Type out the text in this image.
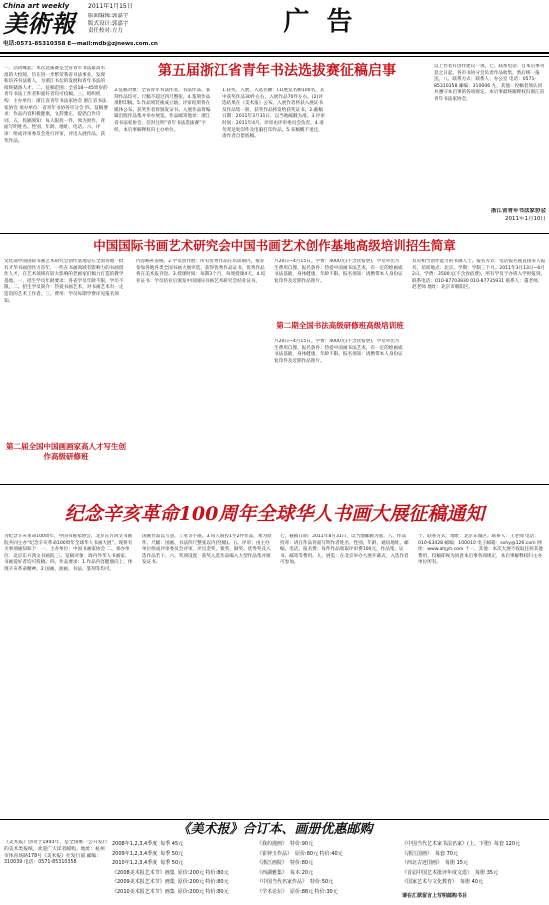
China art weekly
美術報
2011年1月15日
版面编辑:郭嘉宇
版式设计:郭嘉宇
责任校对:方力
电话:0571-85310358 E—mail:mdb@zjnews.com.cn
广 告
第五届浙江省青年书法选拔赛征稿启事
一、活动缘起：本次选拔赛是全省青年书法最高水准的大检阅，旨在进一步繁荣我省书法事业，发现和培养书法新人，为浙江书坛的发展和青年书法的接班储备人才。二、征稿范围：全省18—45周岁的青年书法工作者和爱好者均可投稿。三、组织机构：主办单位：浙江省青年书法家协会 浙江省书法家协会 承办单位：省青年书协各市分会 四、征稿要求：作品内容积极健康，文辞雅正，提倡自作诗词。五、投稿须知：每人限投一件，须为原作，背面写明姓名、性别、年龄、地址、电话。六、评审：组成评审委员会进行评审，评出入展作品，获奖作品。
3.征稿对象：全省青年书法作者。书法作品、篆刻作品均可。尺幅不超过四尺整张。4.篆刻作品须附印稿。5.作品须装裱成立轴。评审结果将在媒体公布。获奖作者将颁发证书。入展作品将编辑出版作品集并举办展览。作品邮寄地址：浙江省书法家协会，信封注明“青年书法选拔赛”字样。本启事解释权归主办单位。
1.获奖、入展、入选名额：(1)展览名额100名，其中获奖作品30件左右，入展作品70件左右。(2)评选结果在《美术报》公布。入展作者将获入展证书及作品集一册，获奖作品将发给获奖证书。2.截稿日期：2011年3月31日，以当地邮戳为准。3.评审时间：2011年4月。评审由评审委员会负责。4.请勿寄送复印件及电脑打印作品。5.来稿概不退还，请作者自留底稿。
以上作者有创作建议一项。七、联系电话：自本启事刊登之日起，各市书协分会负责作品收集，然后统一报送。八、联系方式：联系人：办公室 电话：0571-85310358 邮编：310006 九、其他：投稿者须认同并遵守本启事的各项规定。本启事最终解释权归浙江省青年书法家协会。
浙江省青年书法家协会
2011年1月10日
中国国际书画艺术研究会中国书画艺术创作基地高级培训招生简章
文化部中国国际书画艺术研究会创作基地是在全国各地一批有才华书画创作力苗年，一些在书画领域有影响力的书画创作人才，在艺术领域有较大影响的老画家们倾力打造的教学基地。一、招生学员年龄要求：各省学员年龄不限，学历不限。二、招生学员简介：热爱书画艺术，对书画艺术有一定造诣的艺术工作者。三、费用：学员每期学费详见报名须知。
内容略补表格。2.学员创作展：所有优秀作品在培训期内，推荐参加各地各类全国书画大展评选，获得优秀作品证书，优秀作品将在美术报刊登。3.授课时间：每期3个月，每周授课4天。4.结业证书：学员结业后颁发中国国际书画艺术研究会结业证书。
月20日~4月15日。学费：4000元(不含食宿费)，学员外出写生费用自理。报名条件：热爱中国画书法艺术，有一定的绘画或书法基础，身体健康，年龄不限。报名须知：请携带本人身份证复印件及近期作品照片。
第二期全国书法高级研修班高级培训班
月20日~4月15日。学费：4000元(不含食宿费)，学员外出写生费用自理。报名条件：热爱中国画书法艺术，有一定的绘画或书法基础，身体健康，年龄不限。报名须知：请携带本人身份证复印件及近期作品照片。
具有相当创作能力的书画人士。报名方式：电话报名或直接来人报名。培训地点：北京。学期：学制三个月。2011年3月13日~6月2日。学费：3500元(不含食宿费)，所有学员于办班入学时报到。联系电话：010-87703930 010-87735931 联系人：董老师，赵老师 地址：北京市朝阳区。
第二届全国中国画画家高人才写生创作高级研修班
纪念辛亥革命100周年全球华人书画大展征稿通知
为纪念辛亥革命100周年，中国书画家协会、北京东方鸿文书画院共同主办“纪念辛亥革命100周年全球华人书画大展”。现将有关事项通知如下：一、主办单位：中国书画家协会 二、承办单位：北京东方鸿文书画院 三、征稿对象：海内外华人书画家、书画爱好者均可投稿。四、作品要求：1.作品内容健康向上，体现辛亥革命精神。2.国画、油画、书法、篆刻等均可。
国画作品以写意、工笔等不限。3.每人限投1至2件作品，须为原作。尺幅：国画、书法四尺整张以内(竖幅)。五、评审：由主办单位组成评审委员会评审，评出金奖、银奖、铜奖、优秀奖及入选作品若干。六、奖项设置：获奖入选作品编入大型作品集并颁发证书。
七、截稿日期：2011年8月31日，以当地邮戳为准。八、作品投寄：请在作品背面写明作者姓名、性别、年龄、通讯地址、邮编、电话。报名费：每件作品收取评审费100元，作品集、证书、邮寄等费用。九、展览：在北京举办大展开幕式，入选作者可参加。
十、联系方式：地址：北京东城区。联系人：王老师 电话：010-63428 邮编：100010 电子邮箱：sxhy@126.com 网址：www.ahjyh.com 十一、其他：本次大展不收取任何其他费用，投稿即视为同意本启事各项规定，本启事解释权归主办单位所有。
《美术报》合订本、画册优惠邮购
《美术报》创刊于1993年，是全国唯一公开发行的美术类报纸。欢迎广大读者邮购。地址：杭州市体育场路178号《美术报》社发行部 邮编：310039 电话：0571-85310358
2008年1,2,3,4季度 每季 45元
2009年1,2,3,4季度 每季 50元
2010年1,2,3,4季度 每季 50元
《2008美术报艺术节》画集 原价:200元 特价:80元
《2009美术报艺术节》画集 原价:200元 特价:80元
《2010美术报艺术节》画集 原价:200元 特价:80元
《我的漫画》 特价:90元
《崔钟玉作品》 原价:80元 特价:40元
《浙江画院》 特价:80元
《西湖雅集》 每本:20元
《中国当代名家作品》 特价:50元
《学术论坛》 原价:88元 特价:30元
《中国当代艺术家书法名家》(上、下册) 每套 120元
《浙江国画》 每套 70元
《西北古迹国画》 每册 15元
《首届中国艺术批评年度文选》 每册 35元
《国家艺术与文化教育》 每册 40元
请在汇款留言上写明邮购书目
